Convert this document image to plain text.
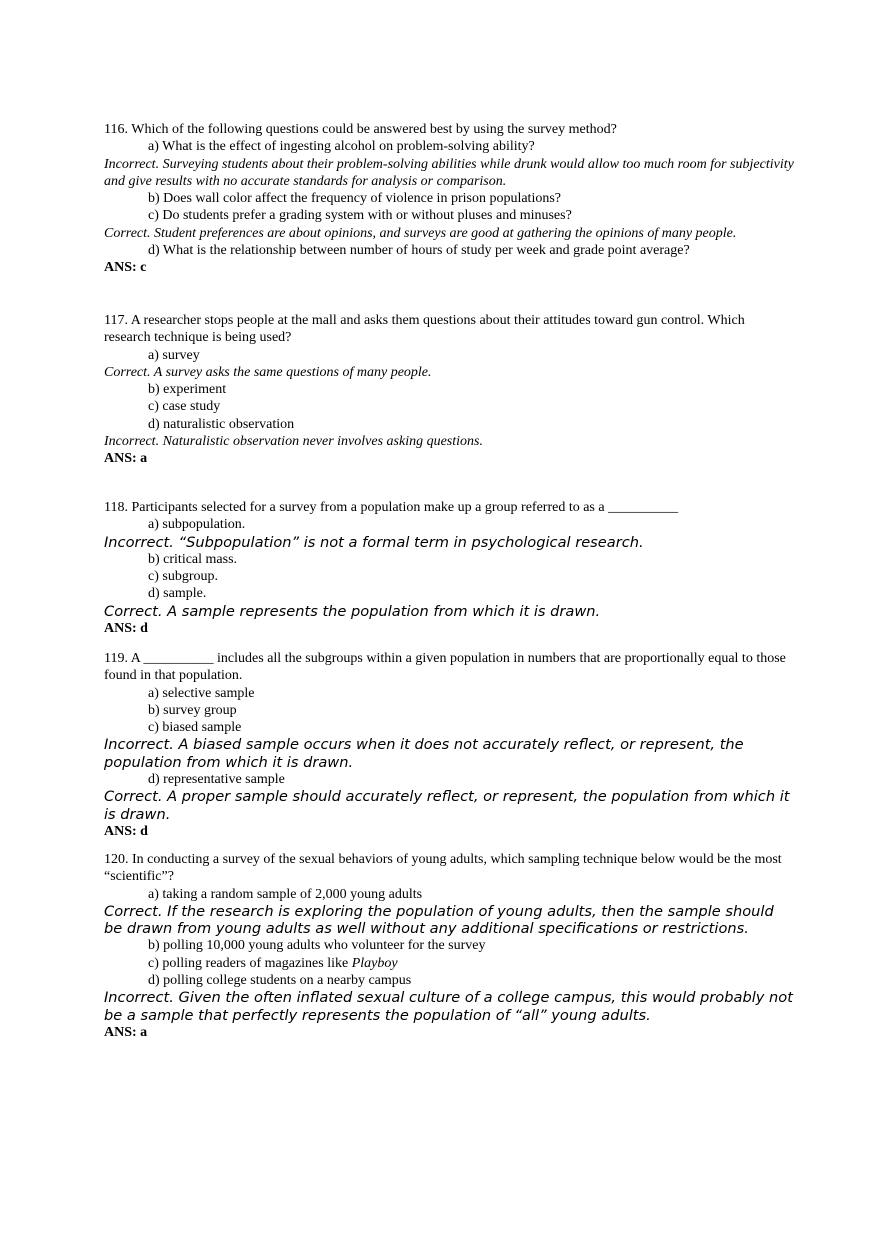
116. Which of the following questions could be answered best by using the survey method?
a) What is the effect of ingesting alcohol on problem-solving ability?
Incorrect. Surveying students about their problem-solving abilities while drunk would allow too much room for subjectivity and give results with no accurate standards for analysis or comparison.
b) Does wall color affect the frequency of violence in prison populations?
c) Do students prefer a grading system with or without pluses and minuses?
Correct. Student preferences are about opinions, and surveys are good at gathering the opinions of many people.
d) What is the relationship between number of hours of study per week and grade point average?
ANS: c
117. A researcher stops people at the mall and asks them questions about their attitudes toward gun control. Which research technique is being used?
a) survey
Correct. A survey asks the same questions of many people.
b) experiment
c) case study
d) naturalistic observation
Incorrect. Naturalistic observation never involves asking questions.
ANS: a
118. Participants selected for a survey from a population make up a group referred to as a __________
a) subpopulation.
Incorrect. “Subpopulation” is not a formal term in psychological research.
b) critical mass.
c) subgroup.
d) sample.
Correct. A sample represents the population from which it is drawn.
ANS: d
119. A __________ includes all the subgroups within a given population in numbers that are proportionally equal to those found in that population.
a) selective sample
b) survey group
c) biased sample
Incorrect. A biased sample occurs when it does not accurately reflect, or represent, the population from which it is drawn.
d) representative sample
Correct. A proper sample should accurately reflect, or represent, the population from which it is drawn.
ANS: d
120. In conducting a survey of the sexual behaviors of young adults, which sampling technique below would be the most “scientific”?
a) taking a random sample of 2,000 young adults
Correct. If the research is exploring the population of young adults, then the sample should be drawn from young adults as well without any additional specifications or restrictions.
b) polling 10,000 young adults who volunteer for the survey
c) polling readers of magazines like Playboy
d) polling college students on a nearby campus
Incorrect. Given the often inflated sexual culture of a college campus, this would probably not be a sample that perfectly represents the population of “all” young adults.
ANS: a
